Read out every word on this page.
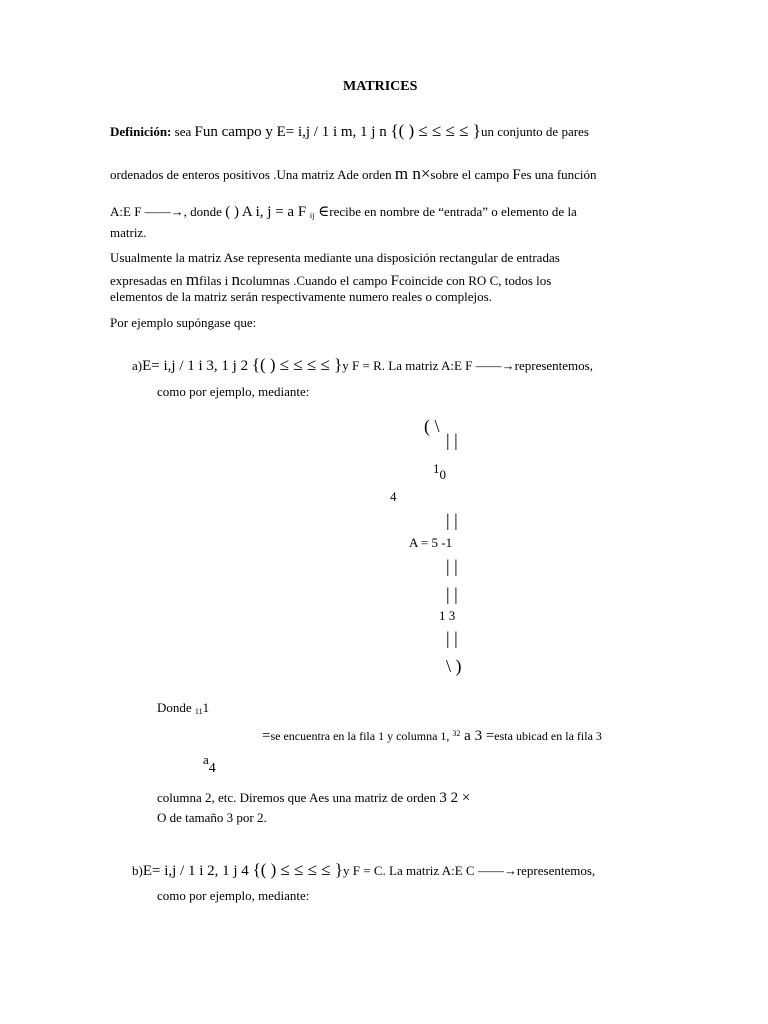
MATRICES
Definición: sea Fun campo y E= i,j / 1 i m, 1 j n {( ) ≤ ≤ ≤ ≤ }un conjunto de pares
ordenados de enteros positivos .Una matriz Ade orden m n×sobre el campo Fes una función
A:E F ——→, donde ( ) A i, j = a F $_{ij}$ ∈recibe en nombre de “entrada” o elemento de la
matriz.
Usualmente la matriz Ase representa mediante una disposición rectangular de entradas
expresadas en mfilas i ncolumnas .Cuando el campo Fcoincide con RO C, todos los
elementos de la matriz serán respectivamente numero reales o complejos.
Por ejemplo supóngase que:
a)E= i,j / 1 i 3, 1 j 2 {( ) ≤ ≤ ≤ ≤ }y F = R. La matriz A:E F ——→representemos,
como por ejemplo, mediante:
( \
| |
10
4
| |
A = 5 -1
| |
| |
1 3
| |
\ )
Donde $_{11}$1
=se encuentra en la fila 1 y columna 1, $^{32}$ a 3 =esta ubicad en la fila 3
a4
columna 2, etc. Diremos que Aes una matriz de orden 3 2 ×
O de tamaño 3 por 2.
b)E= i,j / 1 i 2, 1 j 4 {( ) ≤ ≤ ≤ ≤ }y F = C. La matriz A:E C ——→representemos,
como por ejemplo, mediante:
